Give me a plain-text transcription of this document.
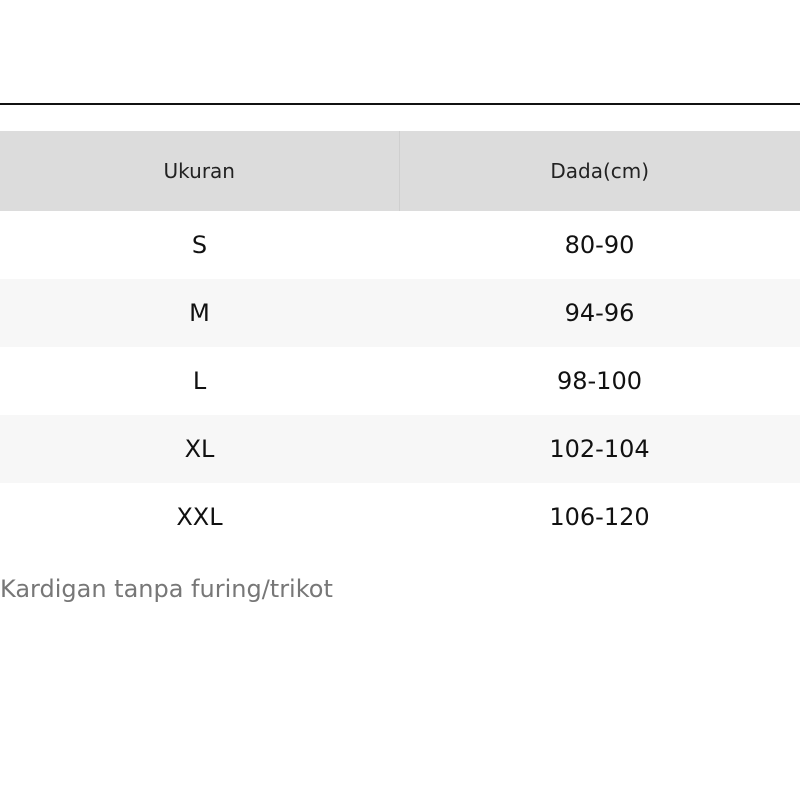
Ukuran	Dada(cm)
S	80-90
M	94-96
L	98-100
XL	102-104
XXL	106-120
Kardigan tanpa furing/trikot
